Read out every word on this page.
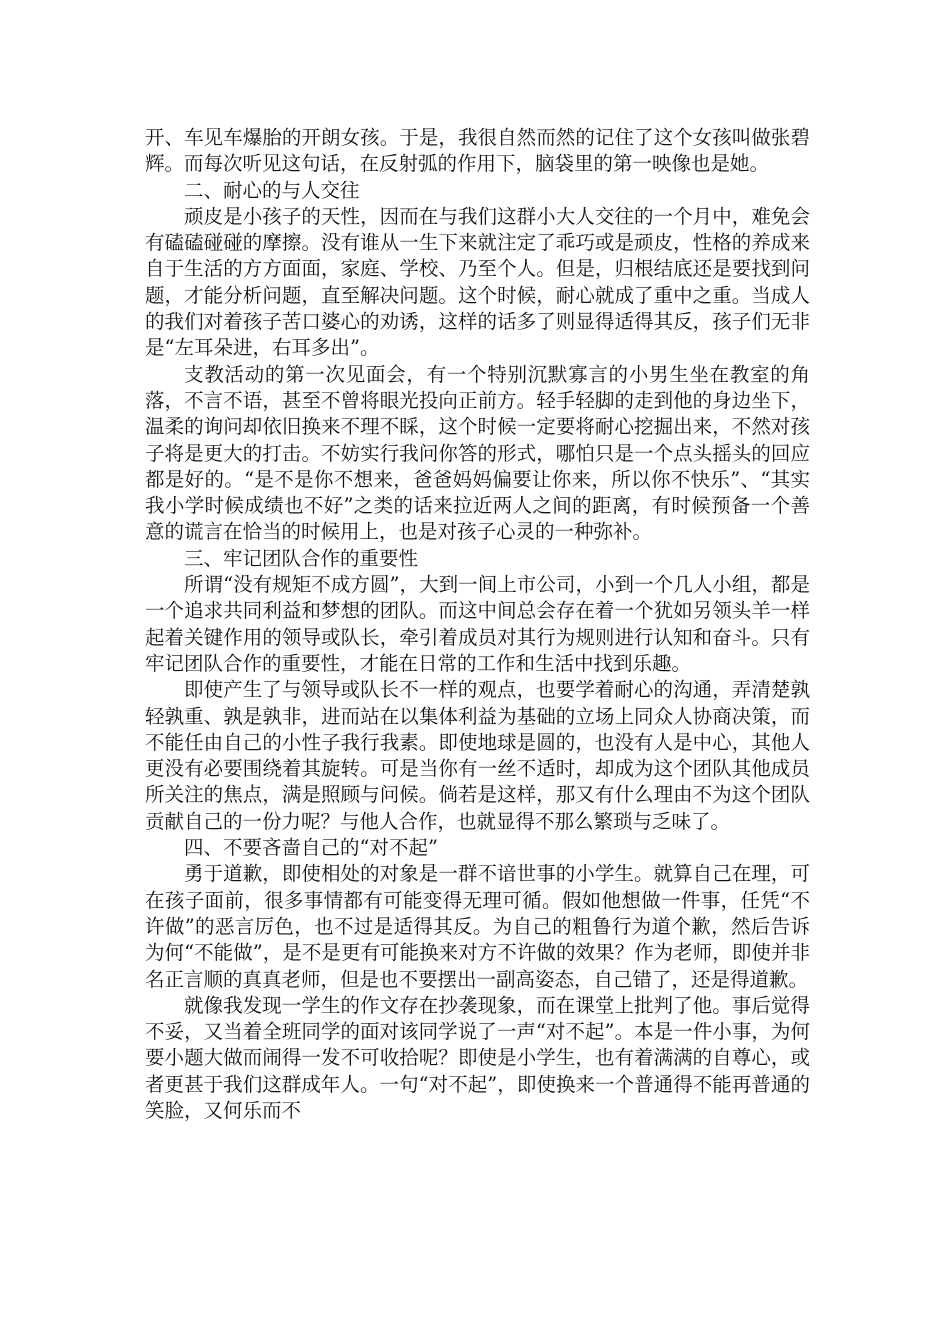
开、车见车爆胎的开朗女孩。于是，我很自然而然的记住了这个女孩叫做张碧辉。而每次听见这句话，在反射弧的作用下，脑袋里的第一映像也是她。

二、耐心的与人交往

顽皮是小孩子的天性，因而在与我们这群小大人交往的一个月中，难免会有磕磕碰碰的摩擦。没有谁从一生下来就注定了乖巧或是顽皮，性格的养成来自于生活的方方面面，家庭、学校、乃至个人。但是，归根结底还是要找到问题，才能分析问题，直至解决问题。这个时候，耐心就成了重中之重。当成人的我们对着孩子苦口婆心的劝诱，这样的话多了则显得适得其反，孩子们无非是“左耳朵进，右耳多出”。

支教活动的第一次见面会，有一个特别沉默寡言的小男生坐在教室的角落，不言不语，甚至不曾将眼光投向正前方。轻手轻脚的走到他的身边坐下，温柔的询问却依旧换来不理不睬，这个时候一定要将耐心挖掘出来，不然对孩子将是更大的打击。不妨实行我问你答的形式，哪怕只是一个点头摇头的回应都是好的。“是不是你不想来，爸爸妈妈偏要让你来，所以你不快乐”、“其实我小学时候成绩也不好”之类的话来拉近两人之间的距离，有时候预备一个善意的谎言在恰当的时候用上，也是对孩子心灵的一种弥补。

三、牢记团队合作的重要性

所谓“没有规矩不成方圆”，大到一间上市公司，小到一个几人小组，都是一个追求共同利益和梦想的团队。而这中间总会存在着一个犹如另领头羊一样起着关键作用的领导或队长，牵引着成员对其行为规则进行认知和奋斗。只有牢记团队合作的重要性，才能在日常的工作和生活中找到乐趣。

即使产生了与领导或队长不一样的观点，也要学着耐心的沟通，弄清楚孰轻孰重、孰是孰非，进而站在以集体利益为基础的立场上同众人协商决策，而不能任由自己的小性子我行我素。即使地球是圆的，也没有人是中心，其他人更没有必要围绕着其旋转。可是当你有一丝不适时，却成为这个团队其他成员所关注的焦点，满是照顾与问候。倘若是这样，那又有什么理由不为这个团队贡献自己的一份力呢？与他人合作，也就显得不那么繁琐与乏味了。

四、不要吝啬自己的“对不起”

勇于道歉，即使相处的对象是一群不谙世事的小学生。就算自己在理，可在孩子面前，很多事情都有可能变得无理可循。假如他想做一件事，任凭“不许做”的恶言厉色，也不过是适得其反。为自己的粗鲁行为道个歉，然后告诉为何“不能做”，是不是更有可能换来对方不许做的效果？作为老师，即使并非名正言顺的真真老师，但是也不要摆出一副高姿态，自己错了，还是得道歉。

就像我发现一学生的作文存在抄袭现象，而在课堂上批判了他。事后觉得不妥，又当着全班同学的面对该同学说了一声“对不起”。本是一件小事，为何要小题大做而闹得一发不可收拾呢？即使是小学生，也有着满满的自尊心，或者更甚于我们这群成年人。一句“对不起”，即使换来一个普通得不能再普通的笑脸，又何乐而不
